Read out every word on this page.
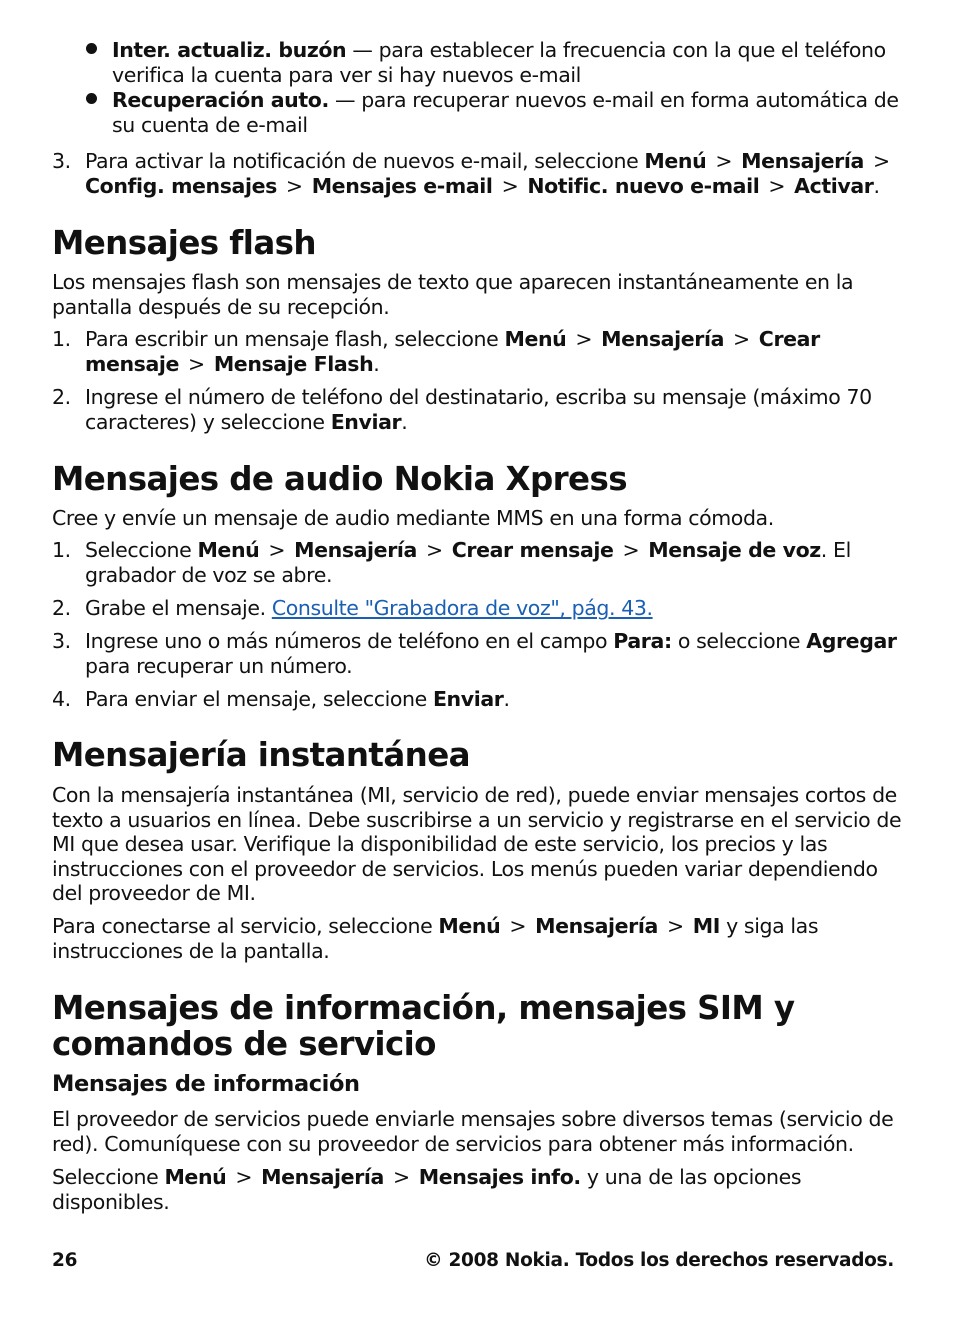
Inter. actualiz. buzón — para establecer la frecuencia con la que el teléfono verifica la cuenta para ver si hay nuevos e-mail
Recuperación auto. — para recuperar nuevos e-mail en forma automática de su cuenta de e-mail
3. Para activar la notificación de nuevos e-mail, seleccione Menú > Mensajería >Config. mensajes > Mensajes e-mail > Notific. nuevo e-mail > Activar.
Mensajes flash

Los mensajes flash son mensajes de texto que aparecen instantáneamente en la pantalla después de su recepción.

1. Para escribir un mensaje flash, seleccione Menú > Mensajería > Crear mensaje > Mensaje Flash.
2. Ingrese el número de teléfono del destinatario, escriba su mensaje (máximo 70 caracteres) y seleccione Enviar.
Mensajes de audio Nokia Xpress

Cree y envíe un mensaje de audio mediante MMS en una forma cómoda.

1. Seleccione Menú > Mensajería > Crear mensaje > Mensaje de voz. El grabador de voz se abre.
2. Grabe el mensaje. Consulte "Grabadora de voz", pág. 43.
3. Ingrese uno o más números de teléfono en el campo Para: o seleccione Agregar para recuperar un número.
4. Para enviar el mensaje, seleccione Enviar.
Mensajería instantánea

Con la mensajería instantánea (MI, servicio de red), puede enviar mensajes cortos de texto a usuarios en línea. Debe suscribirse a un servicio y registrarse en el servicio de MI que desea usar. Verifique la disponibilidad de este servicio, los precios y las instrucciones con el proveedor de servicios. Los menús pueden variar dependiendo del proveedor de MI.

Para conectarse al servicio, seleccione Menú > Mensajería > MI y siga las instrucciones de la pantalla.

Mensajes de información, mensajes SIM y comandos de servicio
Mensajes de información

El proveedor de servicios puede enviarle mensajes sobre diversos temas (servicio de red). Comuníquese con su proveedor de servicios para obtener más información.

Seleccione Menú > Mensajería > Mensajes info. y una de las opciones disponibles.

26	© 2008 Nokia. Todos los derechos reservados.
